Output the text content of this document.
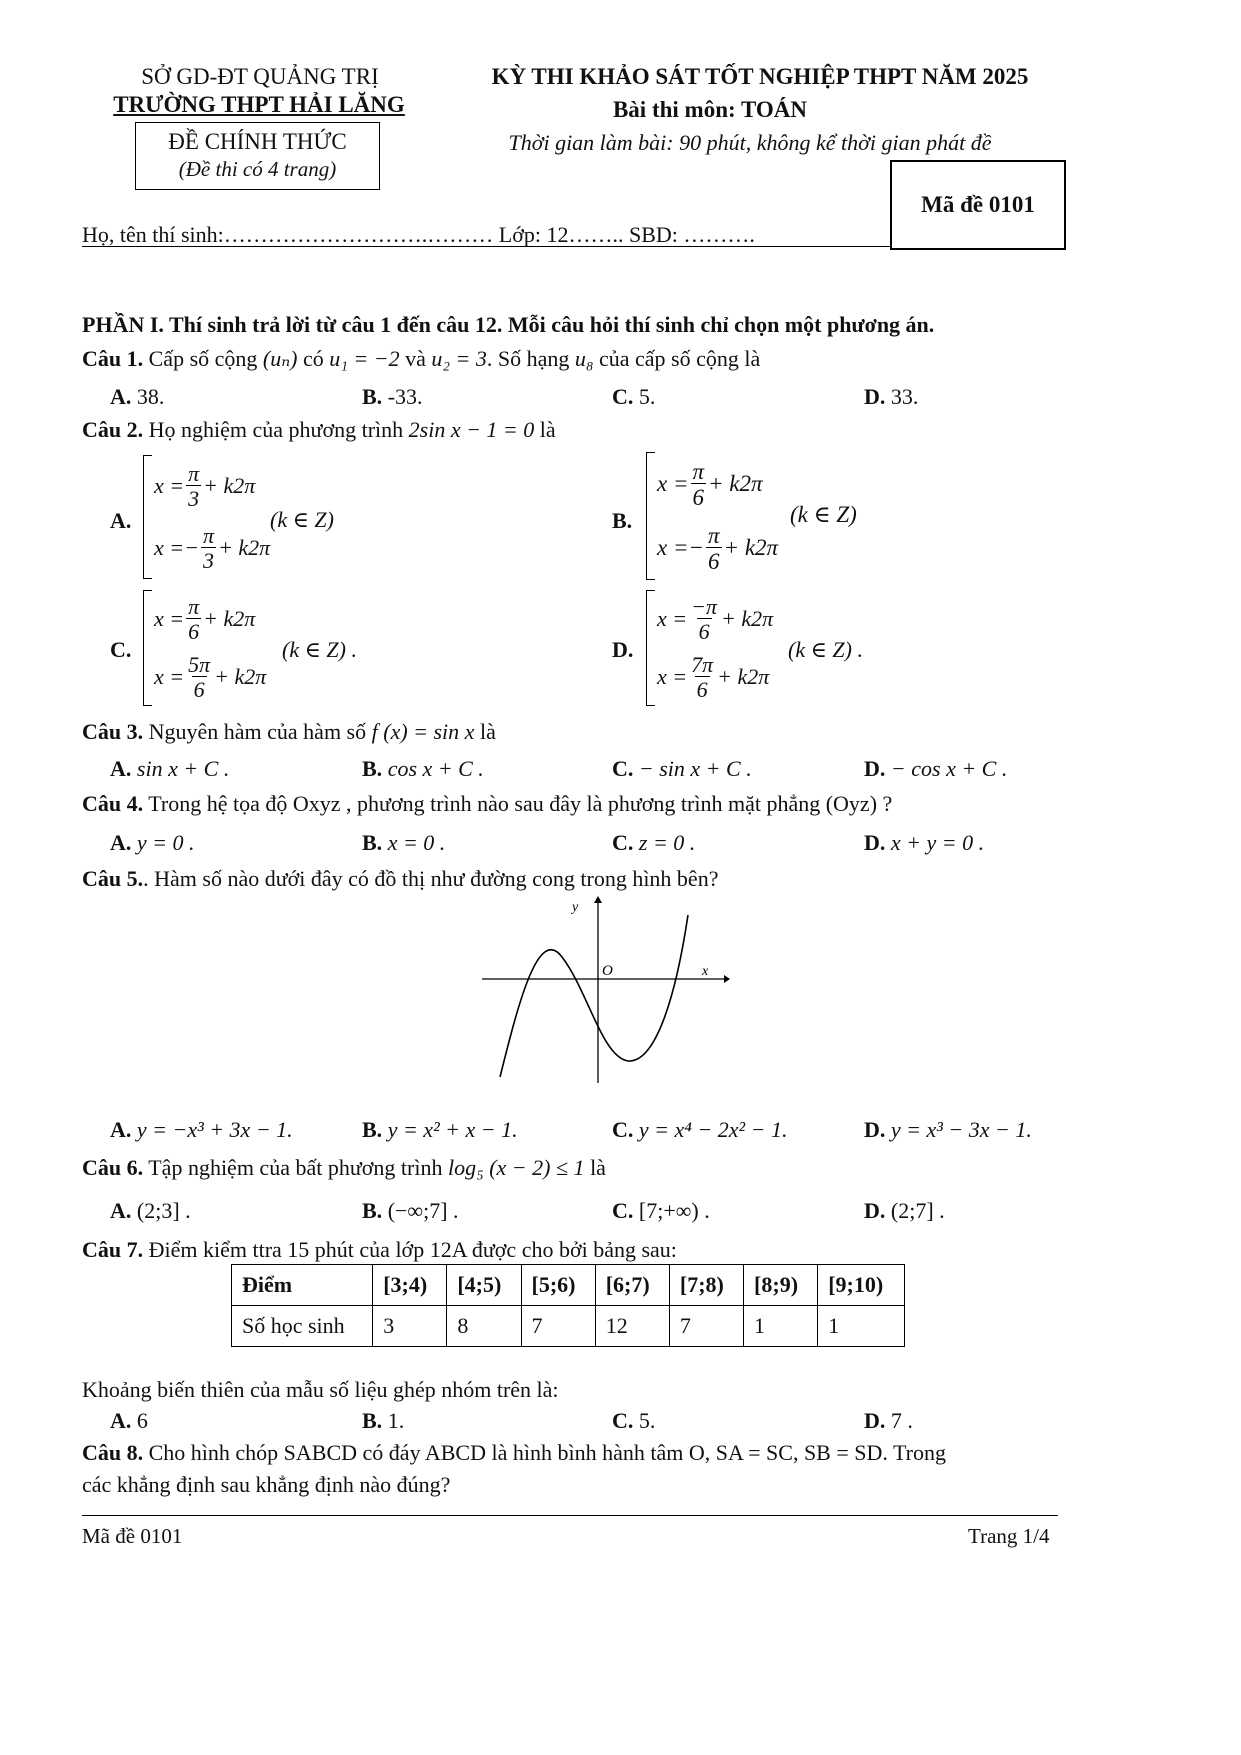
SỞ GD-ĐT QUẢNG TRỊ
TRƯỜNG THPT HẢI LĂNG
ĐỀ CHÍNH THỨC
(Đề thi có 4 trang)
KỲ THI KHẢO SÁT TỐT NGHIỆP THPT NĂM 2025
Bài thi môn: TOÁN
Thời gian làm bài: 90 phút, không kể thời gian phát đề
Mã đề 0101
Họ, tên thí sinh:……………………….……… Lớp: 12…….. SBD: ……….
PHẦN I. Thí sinh trả lời từ câu 1 đến câu 12. Mỗi câu hỏi thí sinh chỉ chọn một phương án.
Câu 1. Cấp số cộng (uₙ) có u₁ = −2 và u₂ = 3. Số hạng u₈ của cấp số cộng là
A. 38.	B. -33.	C. 5.	D. 33.
Câu 2. Họ nghiệm của phương trình 2sin x − 1 = 0 là
A.
$x = \frac{\pi}{3} + k2\pi$
x = − $\frac{\pi}{3} + k2\pi$
(k ∈ Z)	B.
$x = \frac{\pi}{6} + k2\pi$
x = − $\frac{\pi}{6} + k2\pi$
(k ∈ Z)
C.
$x = \frac{\pi}{6} + k2\pi$
$x = \frac{5\pi}{6} + k2\pi$
(k ∈ Z) .	D.
$x = \frac{-\pi}{6} + k2\pi$
$x = \frac{7\pi}{6} + k2\pi$
(k ∈ Z) .
Câu 3. Nguyên hàm của hàm số f (x) = sin x là
A. sin x + C .	B. cos x + C .	C. − sin x + C .	D. − cos x + C .
Câu 4. Trong hệ tọa độ Oxyz , phương trình nào sau đây là phương trình mặt phẳng (Oyz) ?
A. y = 0 .	B. x = 0 .	C. z = 0 .	D. x + y = 0 .
Câu 5.. Hàm số nào dưới đây có đồ thị như đường cong trong hình bên?
y
O	x
A. y = −x³ + 3x − 1.	B. y = x² + x − 1.	C. y = x⁴ − 2x² − 1.	D. y = x³ − 3x − 1.
Câu 6. Tập nghiệm của bất phương trình log₅ (x − 2) ≤ 1 là
A. (2;3] .	B. (−∞;7] .	C. [7;+∞) .	D. (2;7] .
Câu 7. Điểm kiểm ttra 15 phút của lớp 12A được cho bởi bảng sau:
Điểm	[3;4)	[4;5)	[5;6)	[6;7)	[7;8)	[8;9)	[9;10)
Số học sinh	3	8	7	12	7	1	1
Khoảng biến thiên của mẫu số liệu ghép nhóm trên là:
A. 6	B. 1.	C. 5.	D. 7 .
Câu 8. Cho hình chóp SABCD có đáy ABCD là hình bình hành tâm O, SA = SC, SB = SD. Trong
các khẳng định sau khẳng định nào đúng?
Mã đề 0101	Trang 1/4
